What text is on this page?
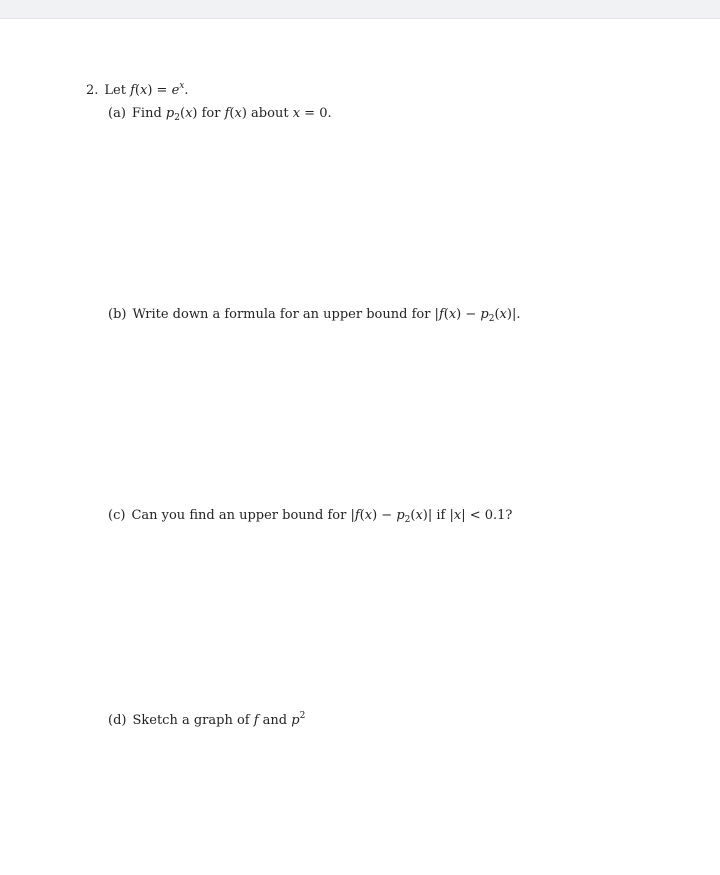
2. Let $f(x) = e^x$.
(a) Find $p_2(x)$ for f(x) about x = 0.
(b) Write down a formula for an upper bound for $|f(x) - p_2(x)|$.
(c) Can you find an upper bound for $|f(x) - p_2(x)|$ if |x| < 0.1?
(d) Sketch a graph of f and $p^2$
